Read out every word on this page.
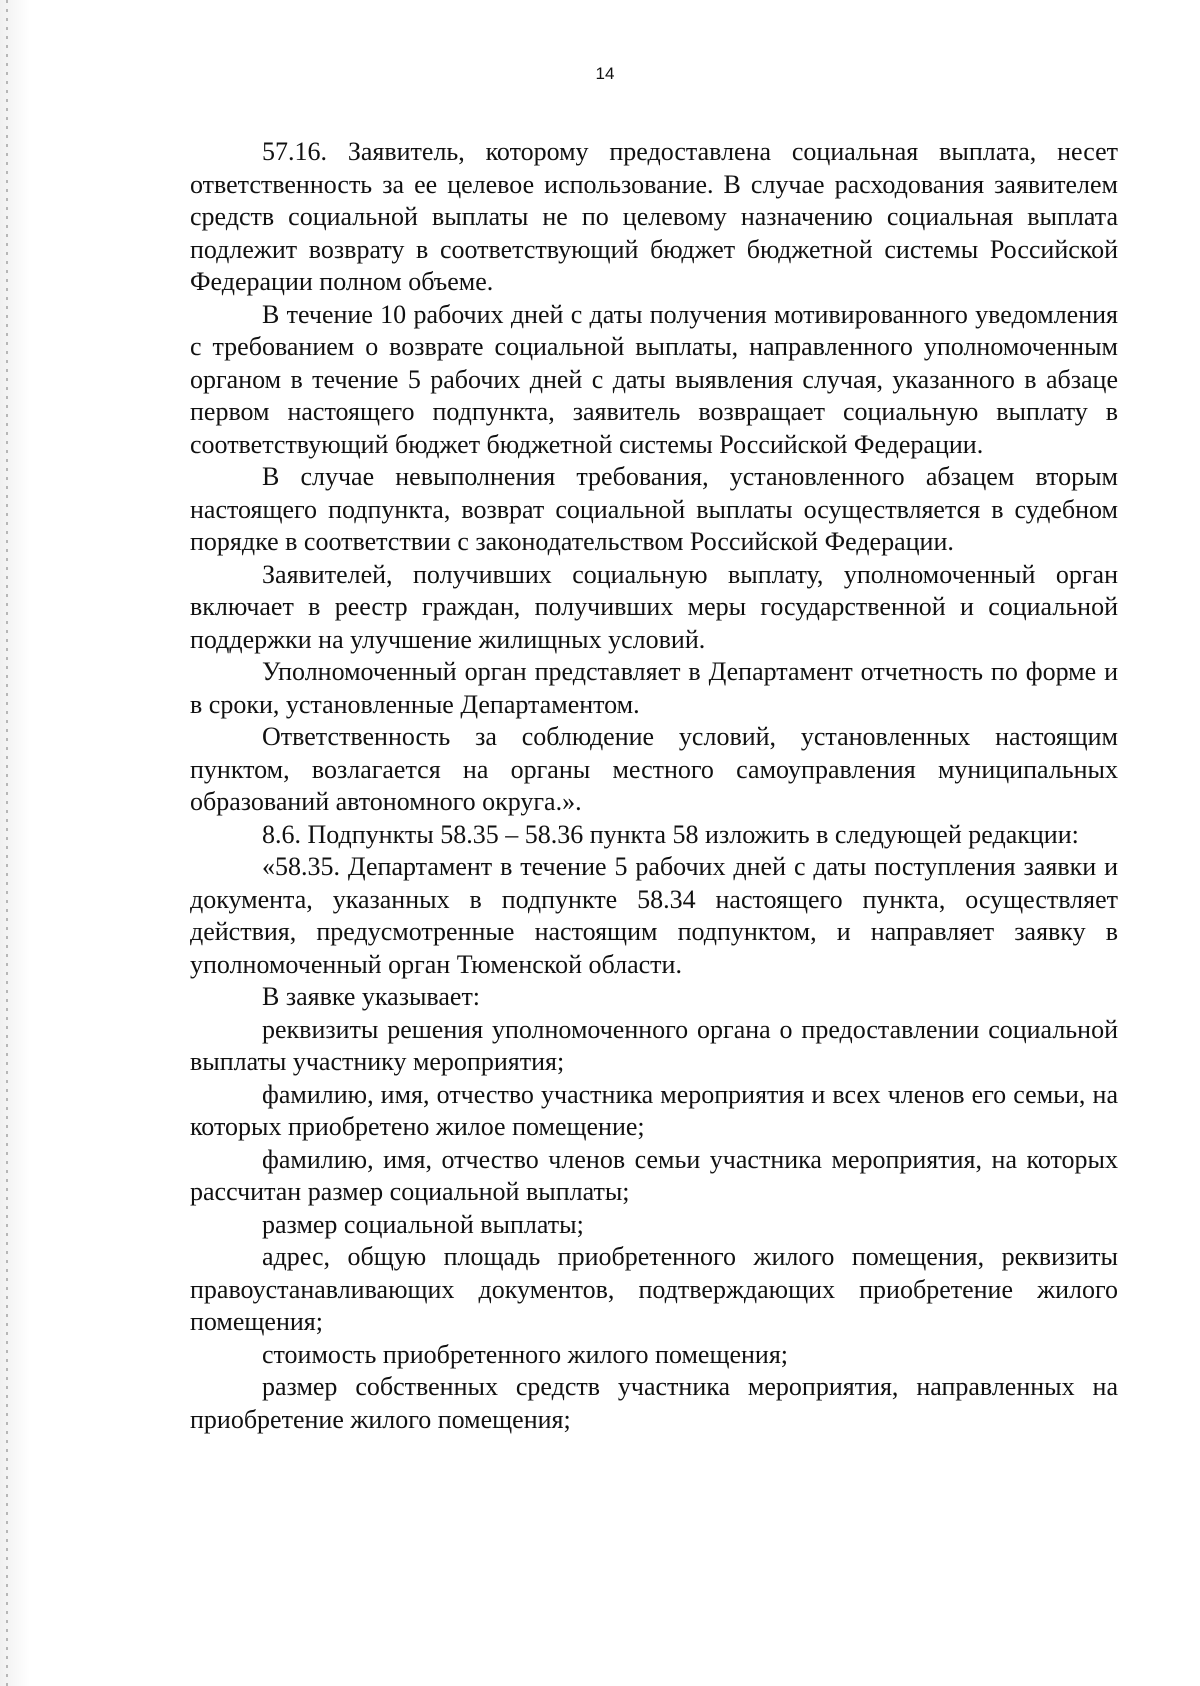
14

57.16. Заявитель, которому предоставлена социальная выплата, несет ответственность за ее целевое использование. В случае расходования заявителем средств социальной выплаты не по целевому назначению социальная выплата подлежит возврату в соответствующий бюджет бюджетной системы Российской Федерации полном объеме.

В течение 10 рабочих дней с даты получения мотивированного уведомления с требованием о возврате социальной выплаты, направленного уполномоченным органом в течение 5 рабочих дней с даты выявления случая, указанного в абзаце первом настоящего подпункта, заявитель возвращает социальную выплату в соответствующий бюджет бюджетной системы Российской Федерации.

В случае невыполнения требования, установленного абзацем вторым настоящего подпункта, возврат социальной выплаты осуществляется в судебном порядке в соответствии с законодательством Российской Федерации.

Заявителей, получивших социальную выплату, уполномоченный орган включает в реестр граждан, получивших меры государственной и социальной поддержки на улучшение жилищных условий.

Уполномоченный орган представляет в Департамент отчетность по форме и в сроки, установленные Департаментом.

Ответственность за соблюдение условий, установленных настоящим пунктом, возлагается на органы местного самоуправления муниципальных образований автономного округа.».

8.6. Подпункты 58.35 – 58.36 пункта 58 изложить в следующей редакции:

«58.35. Департамент в течение 5 рабочих дней с даты поступления заявки и документа, указанных в подпункте 58.34 настоящего пункта, осуществляет действия, предусмотренные настоящим подпунктом, и направляет заявку в уполномоченный орган Тюменской области.

В заявке указывает:

реквизиты решения уполномоченного органа о предоставлении социальной выплаты участнику мероприятия;

фамилию, имя, отчество участника мероприятия и всех членов его семьи, на которых приобретено жилое помещение;

фамилию, имя, отчество членов семьи участника мероприятия, на которых рассчитан размер социальной выплаты;

размер социальной выплаты;

адрес, общую площадь приобретенного жилого помещения, реквизиты правоустанавливающих документов, подтверждающих приобретение жилого помещения;

стоимость приобретенного жилого помещения;

размер собственных средств участника мероприятия, направленных на приобретение жилого помещения;
